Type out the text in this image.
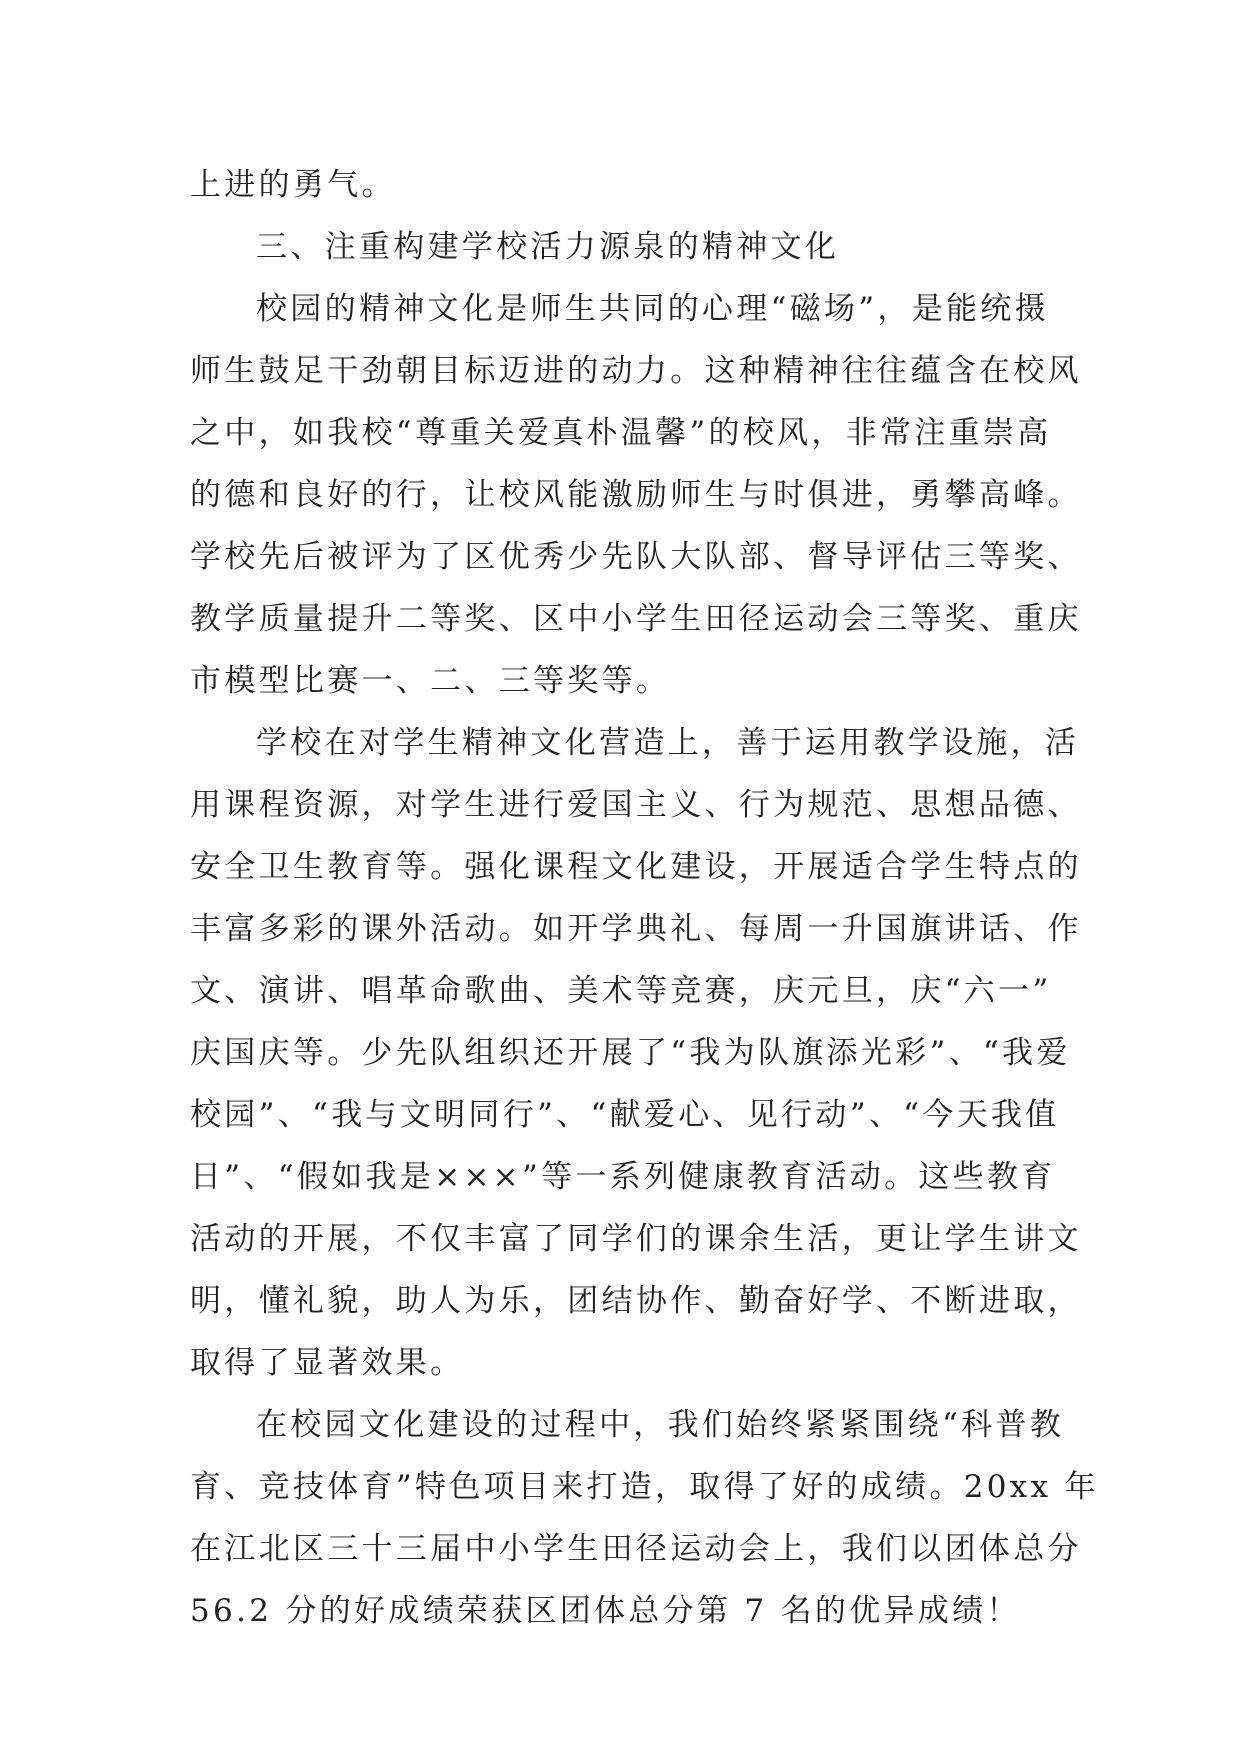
上进的勇气。
三、注重构建学校活力源泉的精神文化
校园的精神文化是师生共同的心理“磁场”，是能统摄
师生鼓足干劲朝目标迈进的动力。这种精神往往蕴含在校风
之中，如我校“尊重关爱真朴温馨”的校风，非常注重崇高
的德和良好的行，让校风能激励师生与时俱进，勇攀高峰。
学校先后被评为了区优秀少先队大队部、督导评估三等奖、
教学质量提升二等奖、区中小学生田径运动会三等奖、重庆
市模型比赛一、二、三等奖等。
学校在对学生精神文化营造上，善于运用教学设施，活
用课程资源，对学生进行爱国主义、行为规范、思想品德、
安全卫生教育等。强化课程文化建设，开展适合学生特点的
丰富多彩的课外活动。如开学典礼、每周一升国旗讲话、作
文、演讲、唱革命歌曲、美术等竞赛，庆元旦，庆“六一”
庆国庆等。少先队组织还开展了“我为队旗添光彩”、“我爱
校园”、“我与文明同行”、“献爱心、见行动”、“今天我值
日”、“假如我是×××”等一系列健康教育活动。这些教育
活动的开展，不仅丰富了同学们的课余生活，更让学生讲文
明，懂礼貌，助人为乐，团结协作、勤奋好学、不断进取，
取得了显著效果。
在校园文化建设的过程中，我们始终紧紧围绕“科普教
育、竞技体育”特色项目来打造，取得了好的成绩。20xx 年
在江北区三十三届中小学生田径运动会上，我们以团体总分
56.2 分的好成绩荣获区团体总分第 7 名的优异成绩！
